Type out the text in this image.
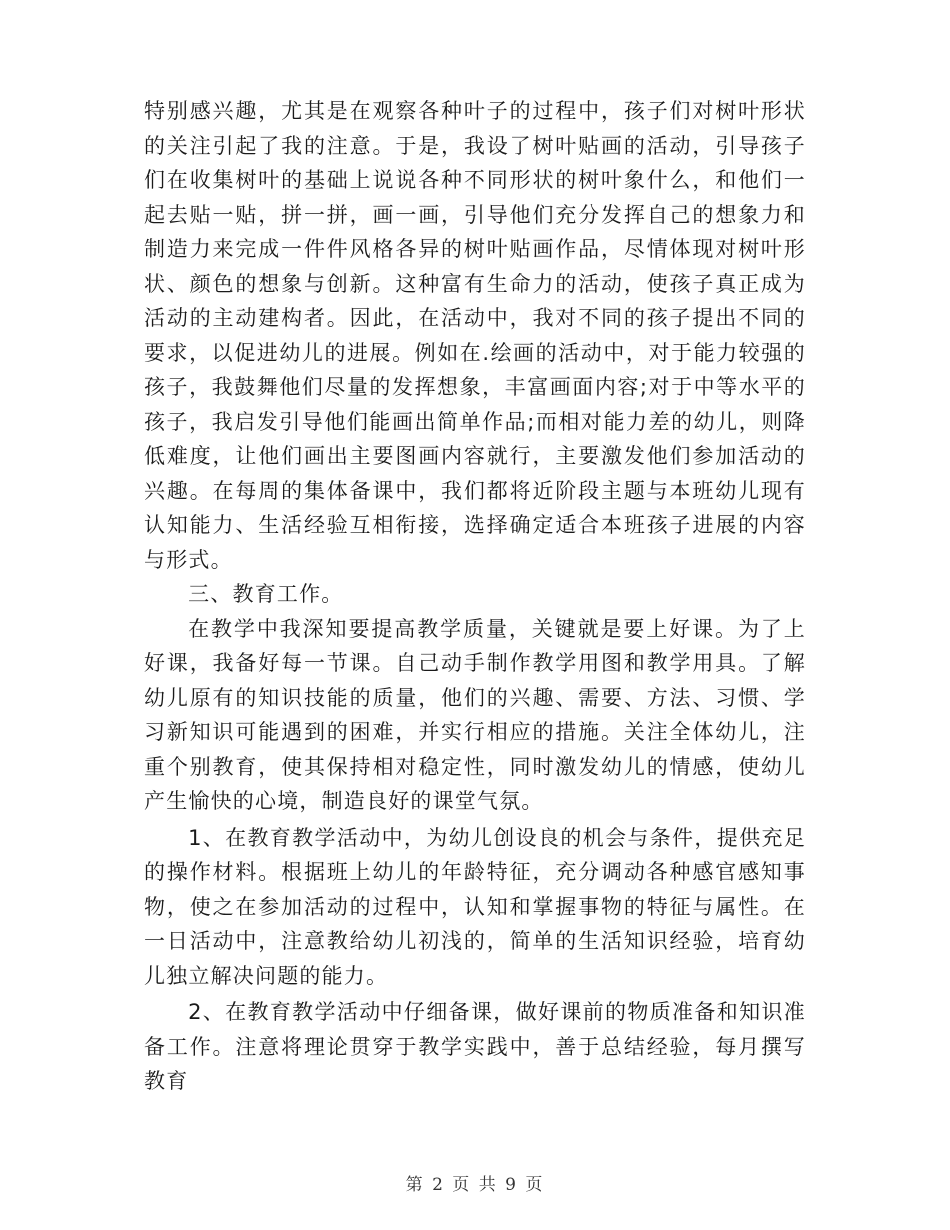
特别感兴趣，尤其是在观察各种叶子的过程中，孩子们对树叶形状的关注引起了我的注意。于是，我设了树叶贴画的活动，引导孩子们在收集树叶的基础上说说各种不同形状的树叶象什么，和他们一起去贴一贴，拼一拼，画一画，引导他们充分发挥自己的想象力和制造力来完成一件件风格各异的树叶贴画作品，尽情体现对树叶形状、颜色的想象与创新。这种富有生命力的活动，使孩子真正成为活动的主动建构者。因此，在活动中，我对不同的孩子提出不同的要求，以促进幼儿的进展。例如在.绘画的活动中，对于能力较强的孩子，我鼓舞他们尽量的发挥想象，丰富画面内容;对于中等水平的孩子，我启发引导他们能画出简单作品;而相对能力差的幼儿，则降低难度，让他们画出主要图画内容就行，主要激发他们参加活动的兴趣。在每周的集体备课中，我们都将近阶段主题与本班幼儿现有认知能力、生活经验互相衔接，选择确定适合本班孩子进展的内容与形式。

三、教育工作。

在教学中我深知要提高教学质量，关键就是要上好课。为了上好课，我备好每一节课。自己动手制作教学用图和教学用具。了解幼儿原有的知识技能的质量，他们的兴趣、需要、方法、习惯、学习新知识可能遇到的困难，并实行相应的措施。关注全体幼儿，注重个别教育，使其保持相对稳定性，同时激发幼儿的情感，使幼儿产生愉快的心境，制造良好的课堂气氛。

1、在教育教学活动中，为幼儿创设良的机会与条件，提供充足的操作材料。根据班上幼儿的年龄特征，充分调动各种感官感知事物，使之在参加活动的过程中，认知和掌握事物的特征与属性。在一日活动中，注意教给幼儿初浅的，简单的生活知识经验，培育幼儿独立解决问题的能力。

2、在教育教学活动中仔细备课，做好课前的物质准备和知识准备工作。注意将理论贯穿于教学实践中，善于总结经验，每月撰写教育

第 2 页 共 9 页
